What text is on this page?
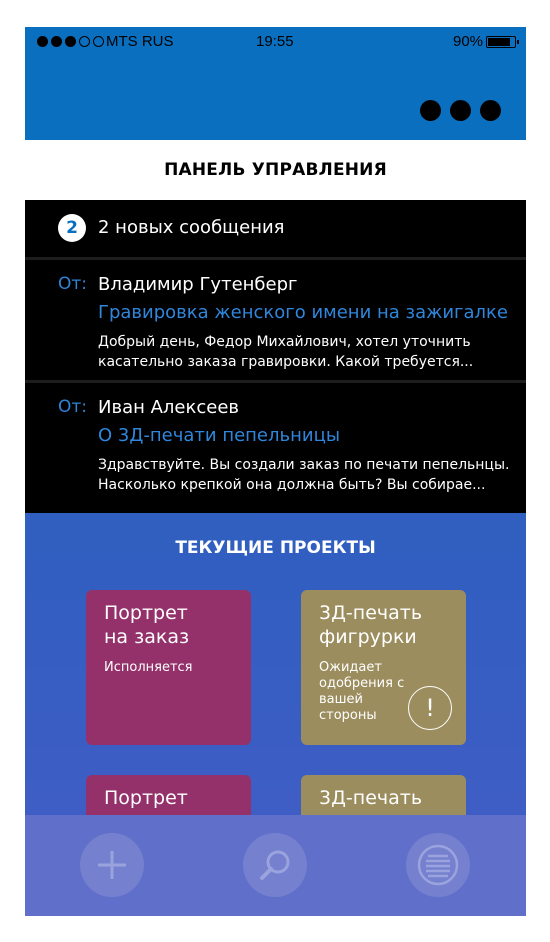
MTS RUS	19:55	90%
ПАНЕЛЬ УПРАВЛЕНИЯ
2	2 новых сообщения
От: Владимир Гутенберг
Гравировка женского имени на зажигалке
Добрый день, Федор Михайлович, хотел уточнить касательно заказа гравировки. Какой требуется...
От: Иван Алексеев
О 3Д-печати пепельницы
Здравствуйте. Вы создали заказ по печати пепельнцы. Насколько крепкой она должна быть? Вы собирае...
ТЕКУЩИЕ ПРОЕКТЫ
Портрет
на заказ
Исполняется
3Д-печать
фигрурки
Ожидает одобрения с вашей стороны	!
Портрет	3Д-печать
